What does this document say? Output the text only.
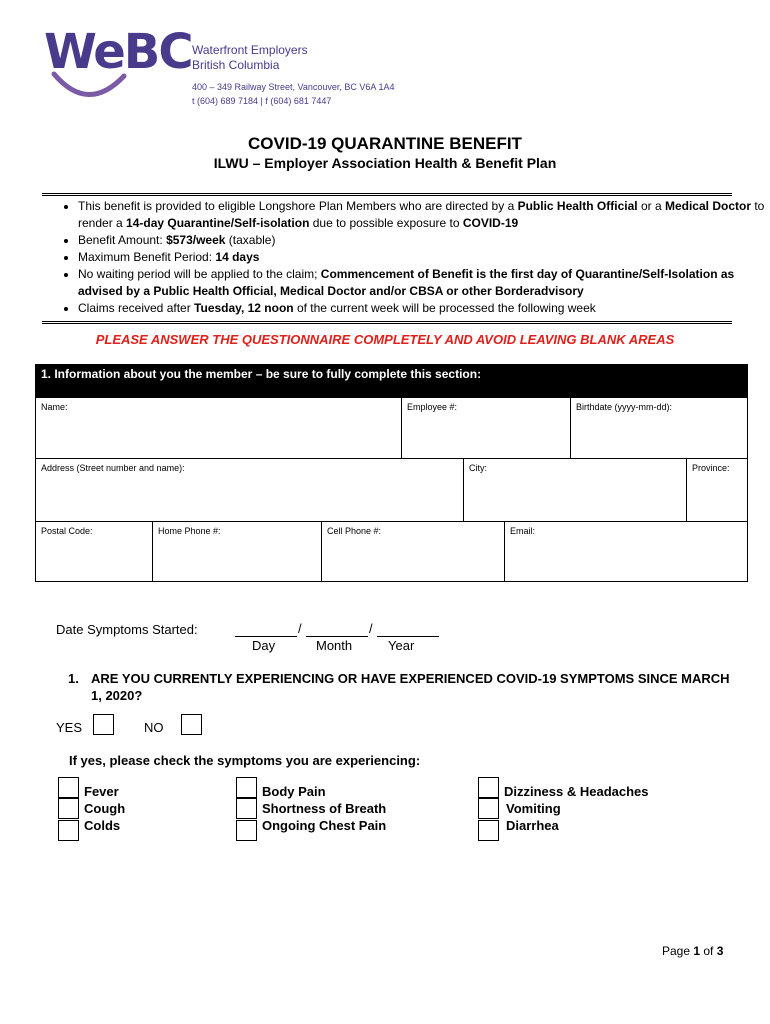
WeBC Waterfront Employers
British Columbia
400 – 349 Railway Street, Vancouver, BC V6A 1A4
t (604) 689 7184 | f (604) 681 7447
COVID-19 QUARANTINE BENEFIT
ILWU – Employer Association Health & Benefit Plan
• This benefit is provided to eligible Longshore Plan Members who are directed by a Public Health Official or a Medical Doctor to render a 14-day Quarantine/Self-isolation due to possible exposure to COVID-19
• Benefit Amount: $573/week (taxable)
• Maximum Benefit Period: 14 days
• No waiting period will be applied to the claim; Commencement of Benefit is the first day of Quarantine/Self-Isolation as advised by a Public Health Official, Medical Doctor and/or CBSA or other Borderadvisory
• Claims received after Tuesday, 12 noon of the current week will be processed the following week
PLEASE ANSWER THE QUESTIONNAIRE COMPLETELY AND AVOID LEAVING BLANK AREAS
1. Information about you the member – be sure to fully complete this section:
Name:	Employee #:	Birthdate (yyyy-mm-dd):
Address (Street number and name):	City:	Province:
Postal Code:	Home Phone #:	Cell Phone #:	Email:
Date Symptoms Started:	/	/
Day	Month	Year
1. ARE YOU CURRENTLY EXPERIENCING OR HAVE EXPERIENCED COVID-19 SYMPTOMS SINCE MARCH 1, 2020?
YES	NO
If yes, please check the symptoms you are experiencing:
Fever
Cough
Colds
Body Pain
Shortness of Breath
Ongoing Chest Pain
Dizziness & Headaches
Vomiting
Diarrhea
Page 1 of 3
